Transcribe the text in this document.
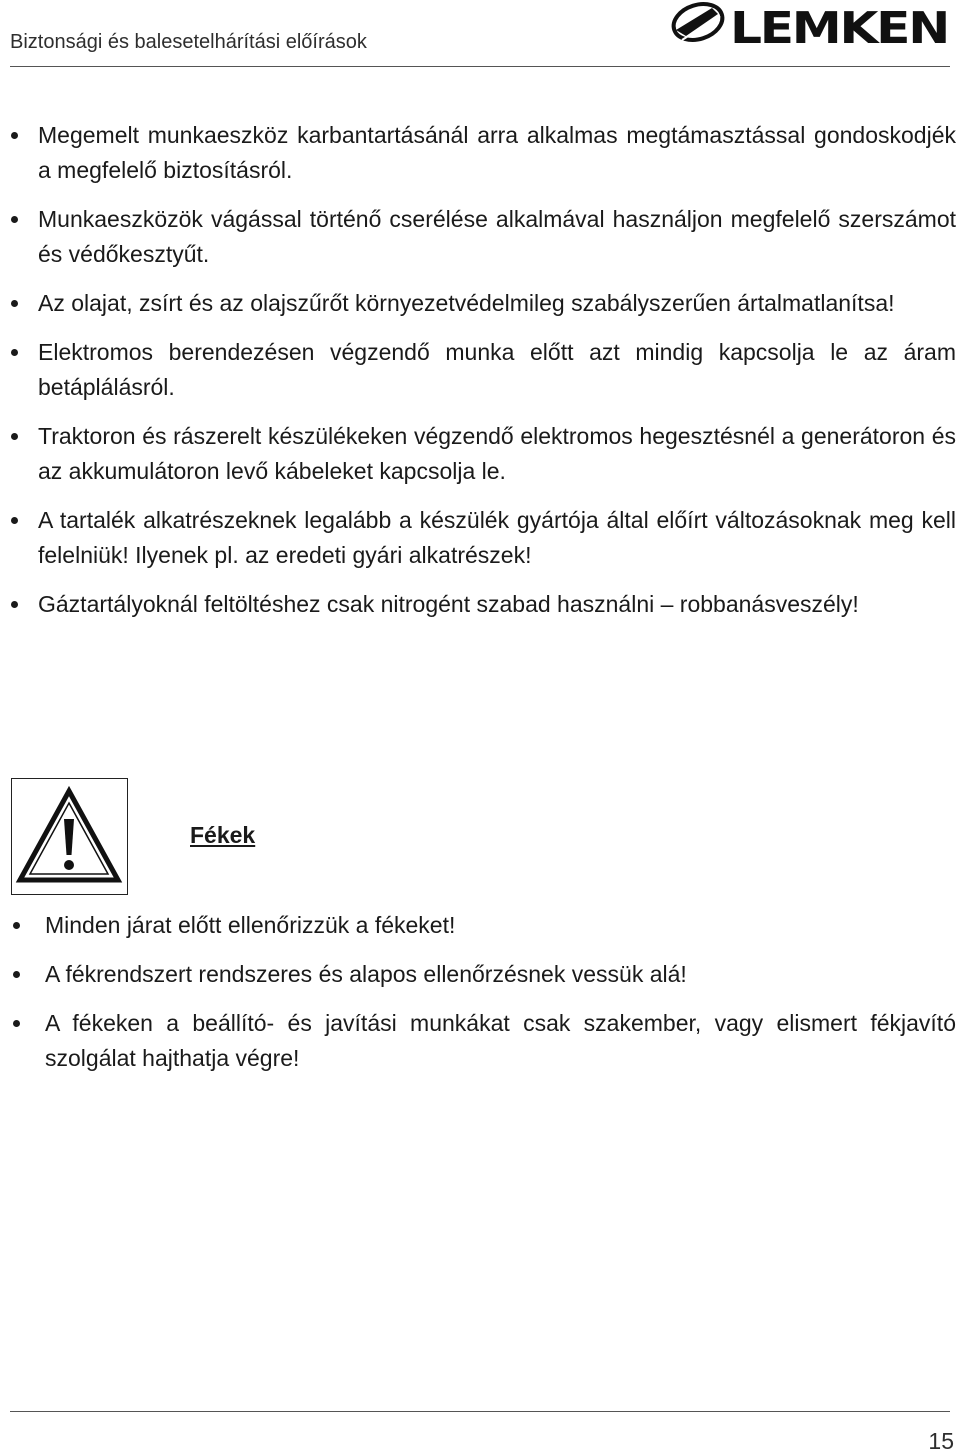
Biztonsági és balesetelhárítási előírások	LEMKEN
Megemelt munkaeszköz karbantartásánál arra alkalmas megtámasztással gondoskodjék a megfelelő biztosításról.
Munkaeszközök vágással történő cserélése alkalmával használjon megfelelő szerszámot és védőkesztyűt.
Az olajat, zsírt és az olajszűrőt környezetvédelmileg szabályszerűen ártalmatlanítsa!
Elektromos berendezésen végzendő munka előtt azt mindig kapcsolja le az áram betáplálásról.
Traktoron és rászerelt készülékeken végzendő elektromos hegesztésnél a generátoron és az akkumulátoron levő kábeleket kapcsolja le.
A tartalék alkatrészeknek legalább a készülék gyártója által előírt változásoknak meg kell felelniük! Ilyenek pl. az eredeti gyári alkatrészek!
Gáztartályoknál feltöltéshez csak nitrogént szabad használni – robbanásveszély!
Fékek
Minden járat előtt ellenőrizzük a fékeket!
A fékrendszert rendszeres és alapos ellenőrzésnek vessük alá!
A fékeken a beállító- és javítási munkákat csak szakember, vagy elismert fékjavító szolgálat hajthatja végre!
15
